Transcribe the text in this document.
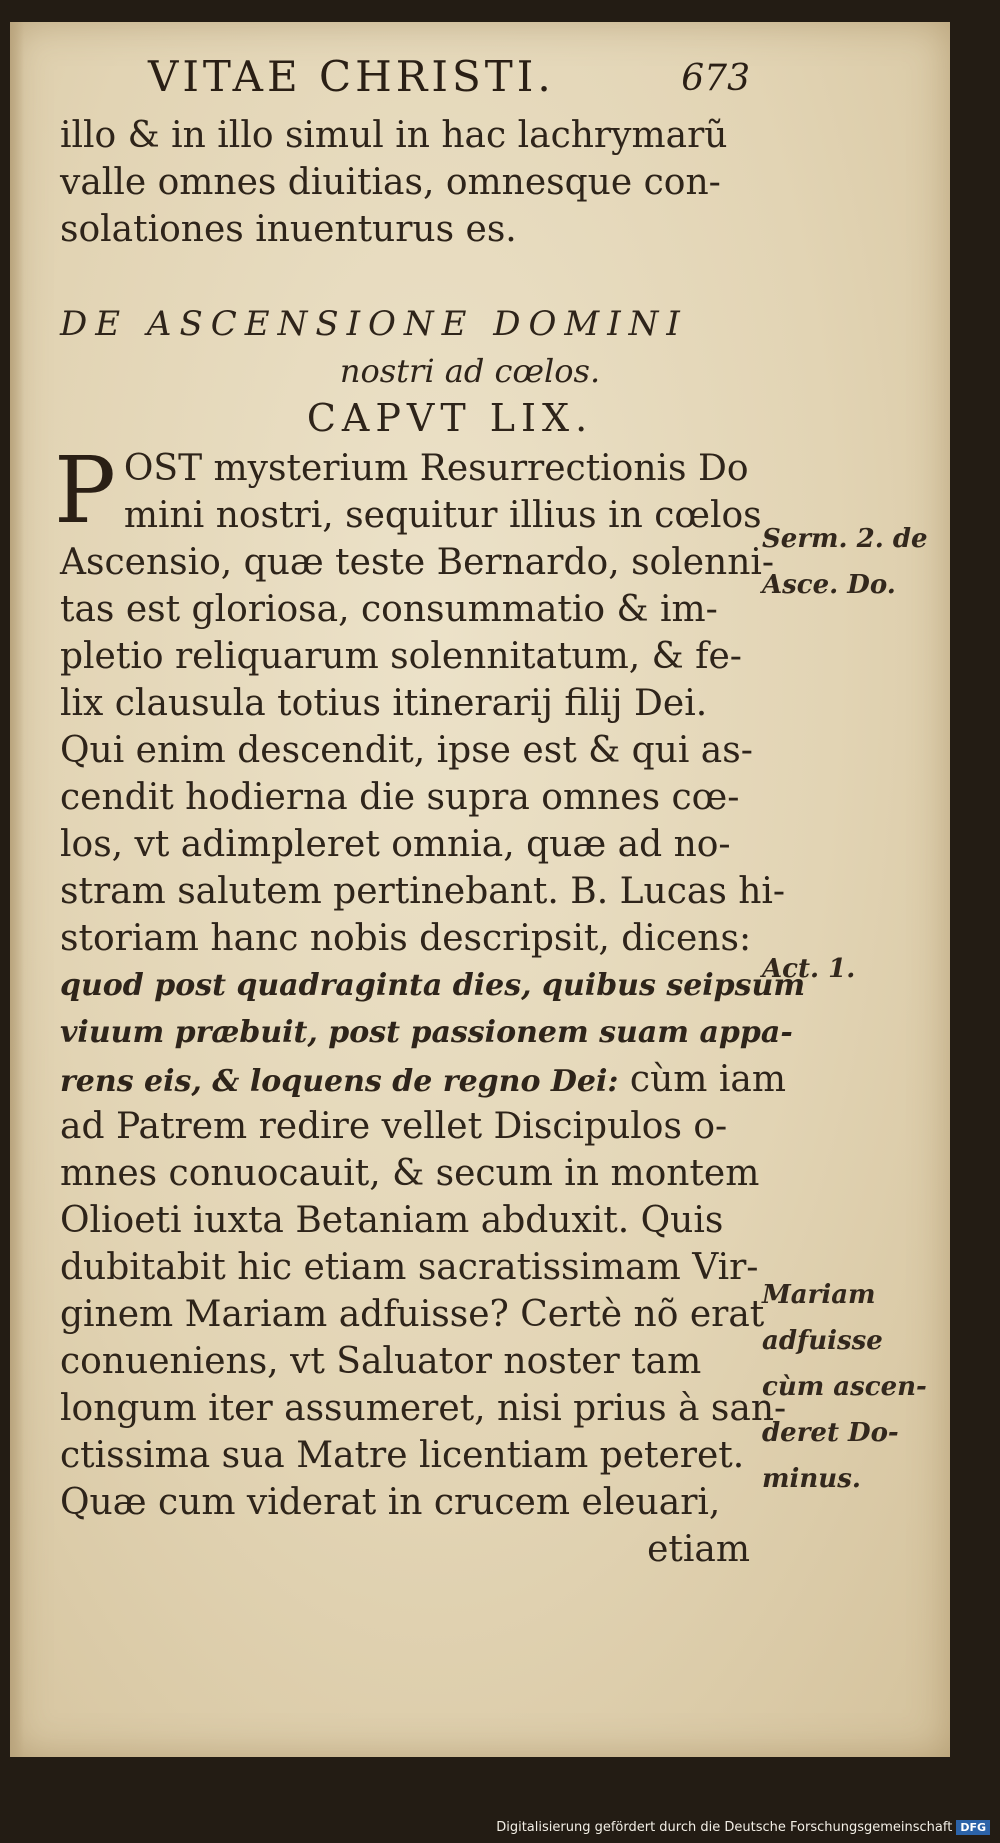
VITAE CHRISTI.	673
illo & in illo simul in hac lachrymarũ
valle omnes diuitias, omnesque con-
solationes inuenturus es.
DE ASCENSIONE DOMINI
nostri ad cœlos.
CAPVT LIX.
P OST mysterium Resurrectionis Do
mini nostri, sequitur illius in cœlos
Ascensio, quæ teste Bernardo, solenni-
tas est gloriosa, consummatio & im-
pletio reliquarum solennitatum, & fe-
lix clausula totius itinerarij filij Dei.
Qui enim descendit, ipse est & qui as-
cendit hodierna die supra omnes cœ-
los, vt adimpleret omnia, quæ ad no-
stram salutem pertinebant. B. Lucas hi-
storiam hanc nobis descripsit, dicens:
quod post quadraginta dies, quibus seipsum
viuum præbuit, post passionem suam appa-
rens eis, & loquens de regno Dei: cùm iam
ad Patrem redire vellet Discipulos o-
mnes conuocauit, & secum in montem
Olioeti iuxta Betaniam abduxit. Quis
dubitabit hic etiam sacratissimam Vir-
ginem Mariam adfuisse? Certè nõ erat
conueniens, vt Saluator noster tam
longum iter assumeret, nisi prius à san-
ctissima sua Matre licentiam peteret.
Quæ cum viderat in crucem eleuari,
etiam
Serm. 2. de
Asce. Do.
Act. 1.
Mariam
adfuisse
cùm ascen-
deret Do-
minus.
Digitalisierung gefördert durch die Deutsche Forschungsgemeinschaft DFG
